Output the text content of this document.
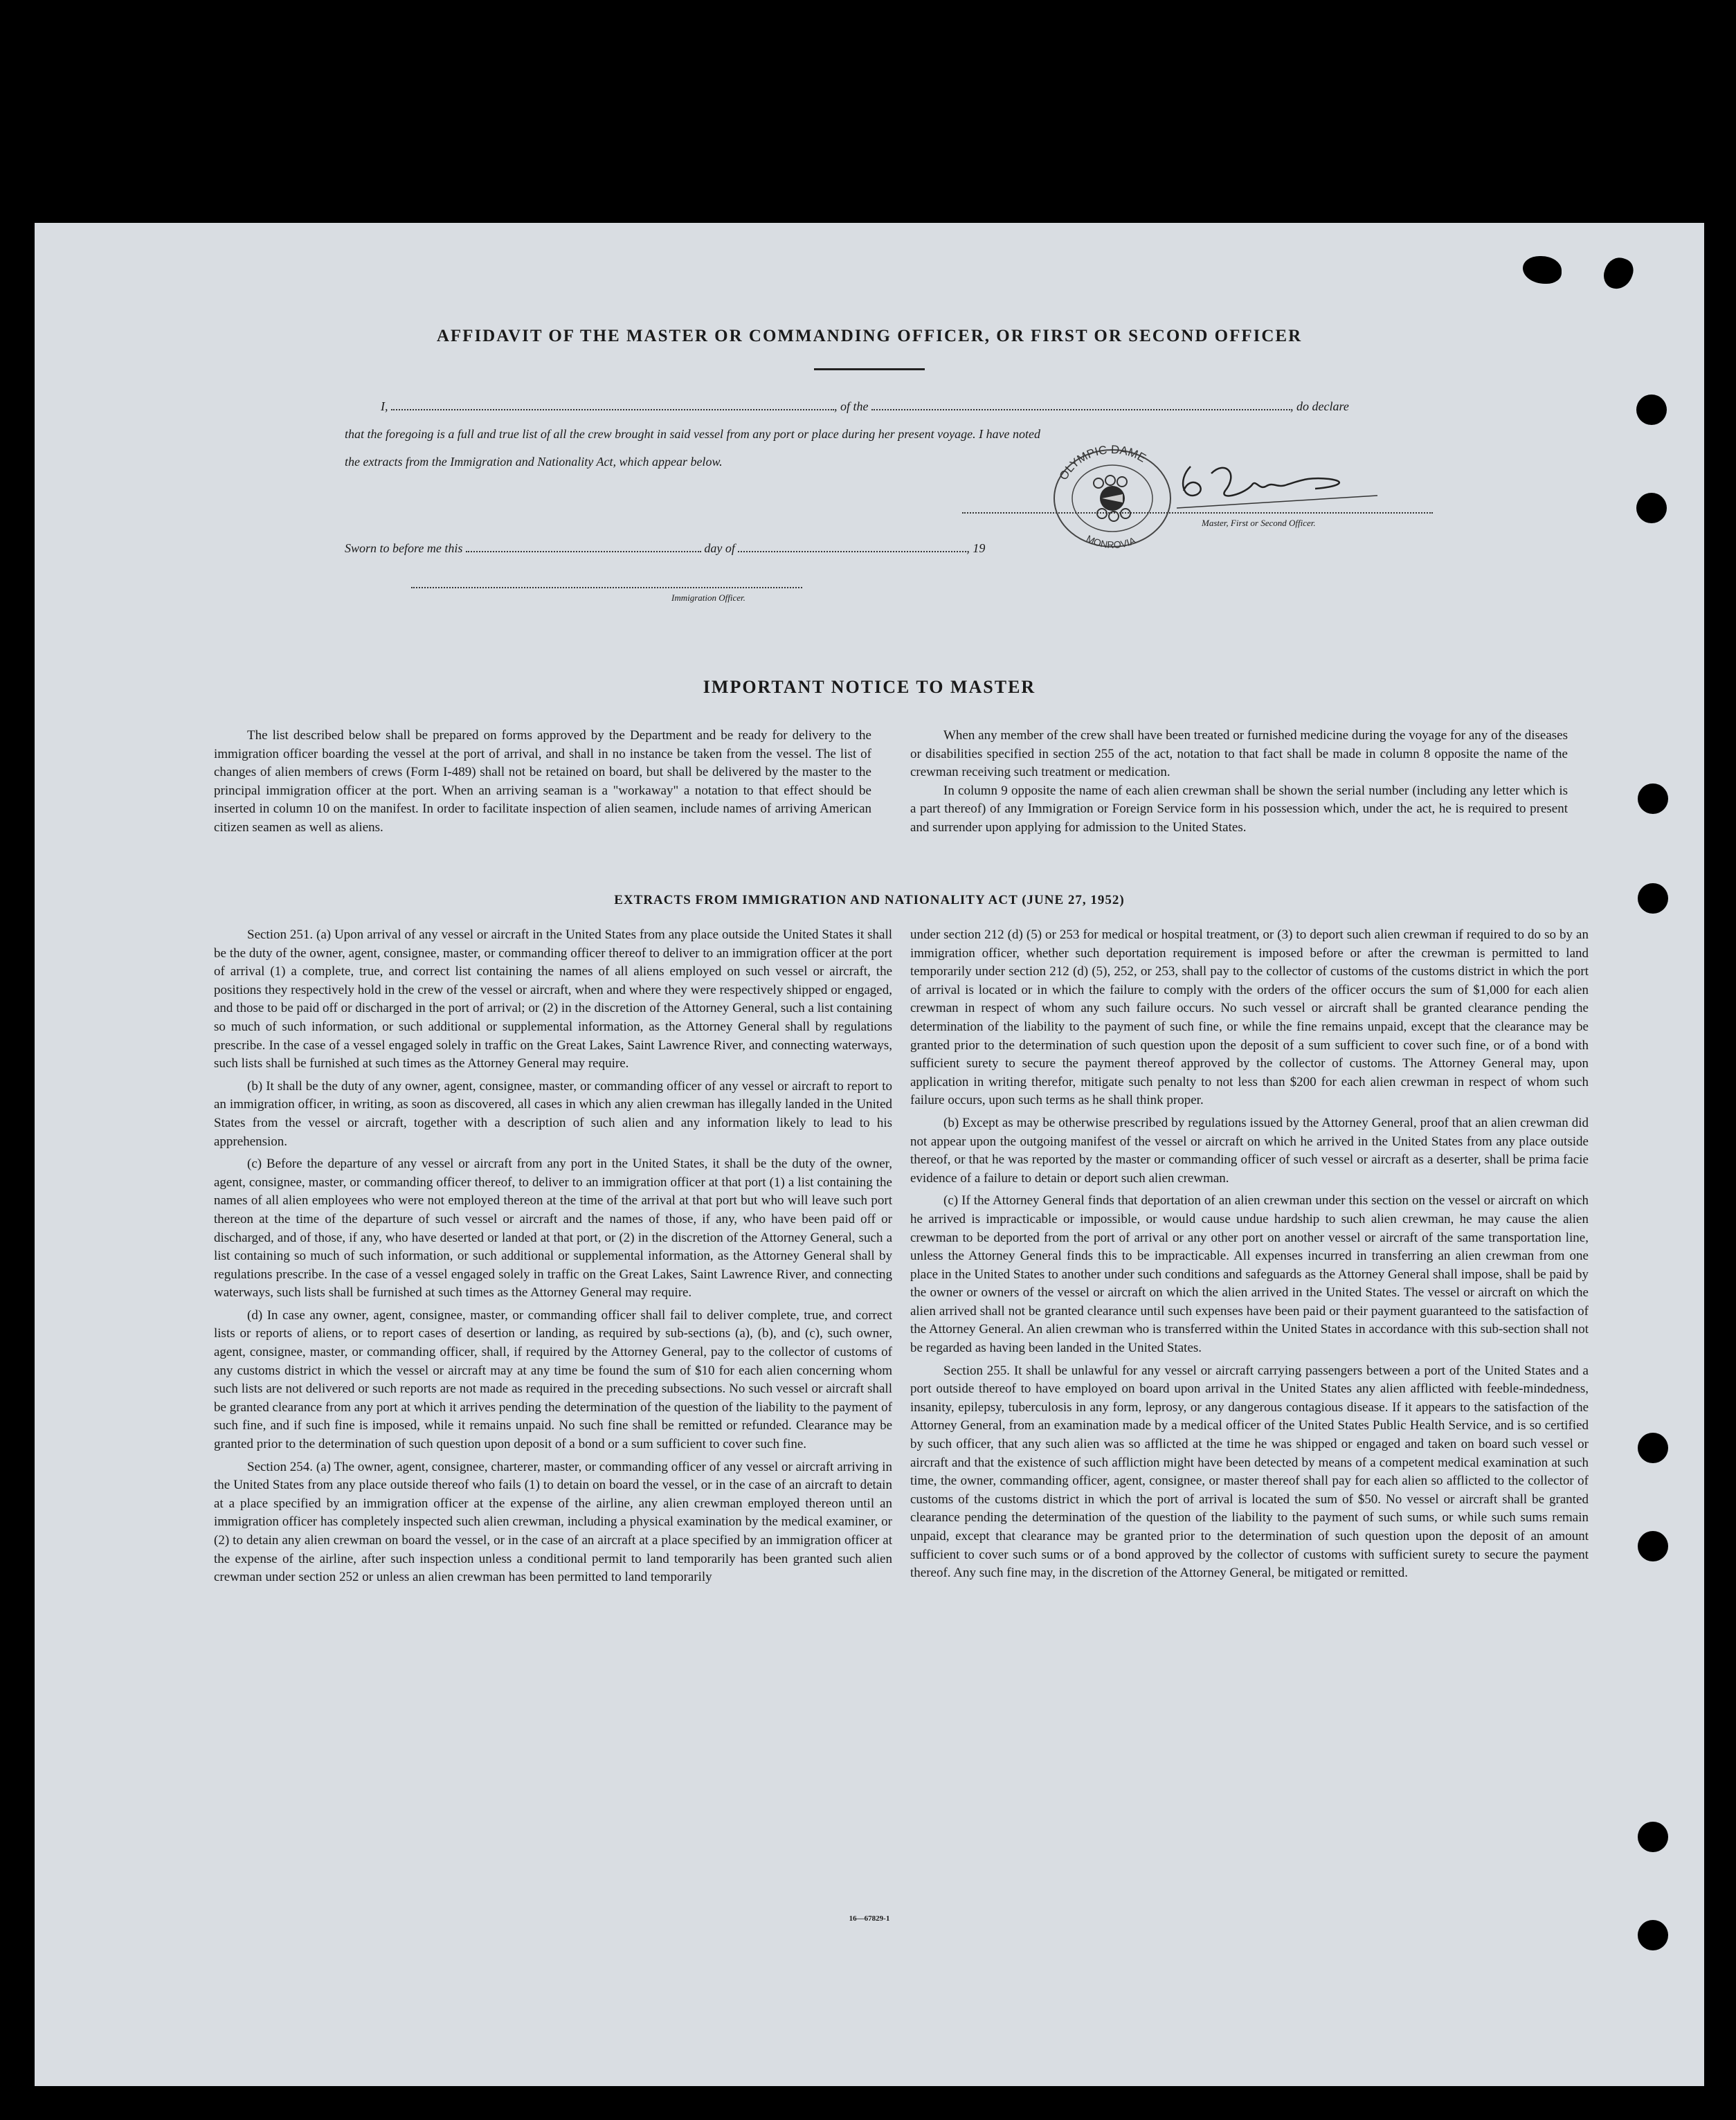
AFFIDAVIT OF THE MASTER OR COMMANDING OFFICER, OR FIRST OR SECOND OFFICER
I,	, of the	, do declare
that the foregoing is a full and true list of all the crew brought in said vessel from any port or place during her present voyage. I have noted
the extracts from the Immigration and Nationality Act, which appear below.
Master, First or Second Officer.
Sworn to before me this	day of	, 19
Immigration Officer.
OLYMPIC DAME
MONROVIA
IMPORTANT NOTICE TO MASTER

The list described below shall be prepared on forms approved by the Department and be ready for delivery to the immigration officer boarding the vessel at the port of arrival, and shall in no instance be taken from the vessel. The list of changes of alien members of crews (Form I-489) shall not be retained on board, but shall be delivered by the master to the principal immigration officer at the port. When an arriving seaman is a "workaway" a notation to that effect should be inserted in column 10 on the manifest. In order to facilitate inspection of alien seamen, include names of arriving American citizen seamen as well as aliens.

When any member of the crew shall have been treated or furnished medicine during the voyage for any of the diseases or disabilities specified in section 255 of the act, notation to that fact shall be made in column 8 opposite the name of the crewman receiving such treatment or medication.

In column 9 opposite the name of each alien crewman shall be shown the serial number (including any letter which is a part thereof) of any Immigration or Foreign Service form in his possession which, under the act, he is required to present and surrender upon applying for admission to the United States.

EXTRACTS FROM IMMIGRATION AND NATIONALITY ACT (JUNE 27, 1952)

Section 251. (a) Upon arrival of any vessel or aircraft in the United States from any place outside the United States it shall be the duty of the owner, agent, consignee, master, or commanding officer thereof to deliver to an immigration officer at the port of arrival (1) a complete, true, and correct list containing the names of all aliens employed on such vessel or aircraft, the positions they respectively hold in the crew of the vessel or aircraft, when and where they were respectively shipped or engaged, and those to be paid off or discharged in the port of arrival; or (2) in the discretion of the Attorney General, such a list containing so much of such information, or such additional or supplemental information, as the Attorney General shall by regulations prescribe. In the case of a vessel engaged solely in traffic on the Great Lakes, Saint Lawrence River, and connecting waterways, such lists shall be furnished at such times as the Attorney General may require.

(b) It shall be the duty of any owner, agent, consignee, master, or commanding officer of any vessel or aircraft to report to an immigration officer, in writing, as soon as discovered, all cases in which any alien crewman has illegally landed in the United States from the vessel or aircraft, together with a description of such alien and any information likely to lead to his apprehension.

(c) Before the departure of any vessel or aircraft from any port in the United States, it shall be the duty of the owner, agent, consignee, master, or commanding officer thereof, to deliver to an immigration officer at that port (1) a list containing the names of all alien employees who were not employed thereon at the time of the arrival at that port but who will leave such port thereon at the time of the departure of such vessel or aircraft and the names of those, if any, who have been paid off or discharged, and of those, if any, who have deserted or landed at that port, or (2) in the discretion of the Attorney General, such a list containing so much of such information, or such additional or supplemental information, as the Attorney General shall by regulations prescribe. In the case of a vessel engaged solely in traffic on the Great Lakes, Saint Lawrence River, and connecting waterways, such lists shall be furnished at such times as the Attorney General may require.

(d) In case any owner, agent, consignee, master, or commanding officer shall fail to deliver complete, true, and correct lists or reports of aliens, or to report cases of desertion or landing, as required by sub-sections (a), (b), and (c), such owner, agent, consignee, master, or commanding officer, shall, if required by the Attorney General, pay to the collector of customs of any customs district in which the vessel or aircraft may at any time be found the sum of $10 for each alien concerning whom such lists are not delivered or such reports are not made as required in the preceding subsections. No such vessel or aircraft shall be granted clearance from any port at which it arrives pending the determination of the question of the liability to the payment of such fine, and if such fine is imposed, while it remains unpaid. No such fine shall be remitted or refunded. Clearance may be granted prior to the determination of such question upon deposit of a bond or a sum sufficient to cover such fine.

Section 254. (a) The owner, agent, consignee, charterer, master, or commanding officer of any vessel or aircraft arriving in the United States from any place outside thereof who fails (1) to detain on board the vessel, or in the case of an aircraft to detain at a place specified by an immigration officer at the expense of the airline, any alien crewman employed thereon until an immigration officer has completely inspected such alien crewman, including a physical examination by the medical examiner, or (2) to detain any alien crewman on board the vessel, or in the case of an aircraft at a place specified by an immigration officer at the expense of the airline, after such inspection unless a conditional permit to land temporarily has been granted such alien crewman under section 252 or unless an alien crewman has been permitted to land temporarily

under section 212 (d) (5) or 253 for medical or hospital treatment, or (3) to deport such alien crewman if required to do so by an immigration officer, whether such deportation requirement is imposed before or after the crewman is permitted to land temporarily under section 212 (d) (5), 252, or 253, shall pay to the collector of customs of the customs district in which the port of arrival is located or in which the failure to comply with the orders of the officer occurs the sum of $1,000 for each alien crewman in respect of whom any such failure occurs. No such vessel or aircraft shall be granted clearance pending the determination of the liability to the payment of such fine, or while the fine remains unpaid, except that the clearance may be granted prior to the determination of such question upon the deposit of a sum sufficient to cover such fine, or of a bond with sufficient surety to secure the payment thereof approved by the collector of customs. The Attorney General may, upon application in writing therefor, mitigate such penalty to not less than $200 for each alien crewman in respect of whom such failure occurs, upon such terms as he shall think proper.

(b) Except as may be otherwise prescribed by regulations issued by the Attorney General, proof that an alien crewman did not appear upon the outgoing manifest of the vessel or aircraft on which he arrived in the United States from any place outside thereof, or that he was reported by the master or commanding officer of such vessel or aircraft as a deserter, shall be prima facie evidence of a failure to detain or deport such alien crewman.

(c) If the Attorney General finds that deportation of an alien crewman under this section on the vessel or aircraft on which he arrived is impracticable or impossible, or would cause undue hardship to such alien crewman, he may cause the alien crewman to be deported from the port of arrival or any other port on another vessel or aircraft of the same transportation line, unless the Attorney General finds this to be impracticable. All expenses incurred in transferring an alien crewman from one place in the United States to another under such conditions and safeguards as the Attorney General shall impose, shall be paid by the owner or owners of the vessel or aircraft on which the alien arrived in the United States. The vessel or aircraft on which the alien arrived shall not be granted clearance until such expenses have been paid or their payment guaranteed to the satisfaction of the Attorney General. An alien crewman who is transferred within the United States in accordance with this sub-section shall not be regarded as having been landed in the United States.

Section 255. It shall be unlawful for any vessel or aircraft carrying passengers between a port of the United States and a port outside thereof to have employed on board upon arrival in the United States any alien afflicted with feeble-mindedness, insanity, epilepsy, tuberculosis in any form, leprosy, or any dangerous contagious disease. If it appears to the satisfaction of the Attorney General, from an examination made by a medical officer of the United States Public Health Service, and is so certified by such officer, that any such alien was so afflicted at the time he was shipped or engaged and taken on board such vessel or aircraft and that the existence of such affliction might have been detected by means of a competent medical examination at such time, the owner, commanding officer, agent, consignee, or master thereof shall pay for each alien so afflicted to the collector of customs of the customs district in which the port of arrival is located the sum of $50. No vessel or aircraft shall be granted clearance pending the determination of the question of the liability to the payment of such sums, or while such sums remain unpaid, except that clearance may be granted prior to the determination of such question upon the deposit of an amount sufficient to cover such sums or of a bond approved by the collector of customs with sufficient surety to secure the payment thereof. Any such fine may, in the discretion of the Attorney General, be mitigated or remitted.

16—67829-1
